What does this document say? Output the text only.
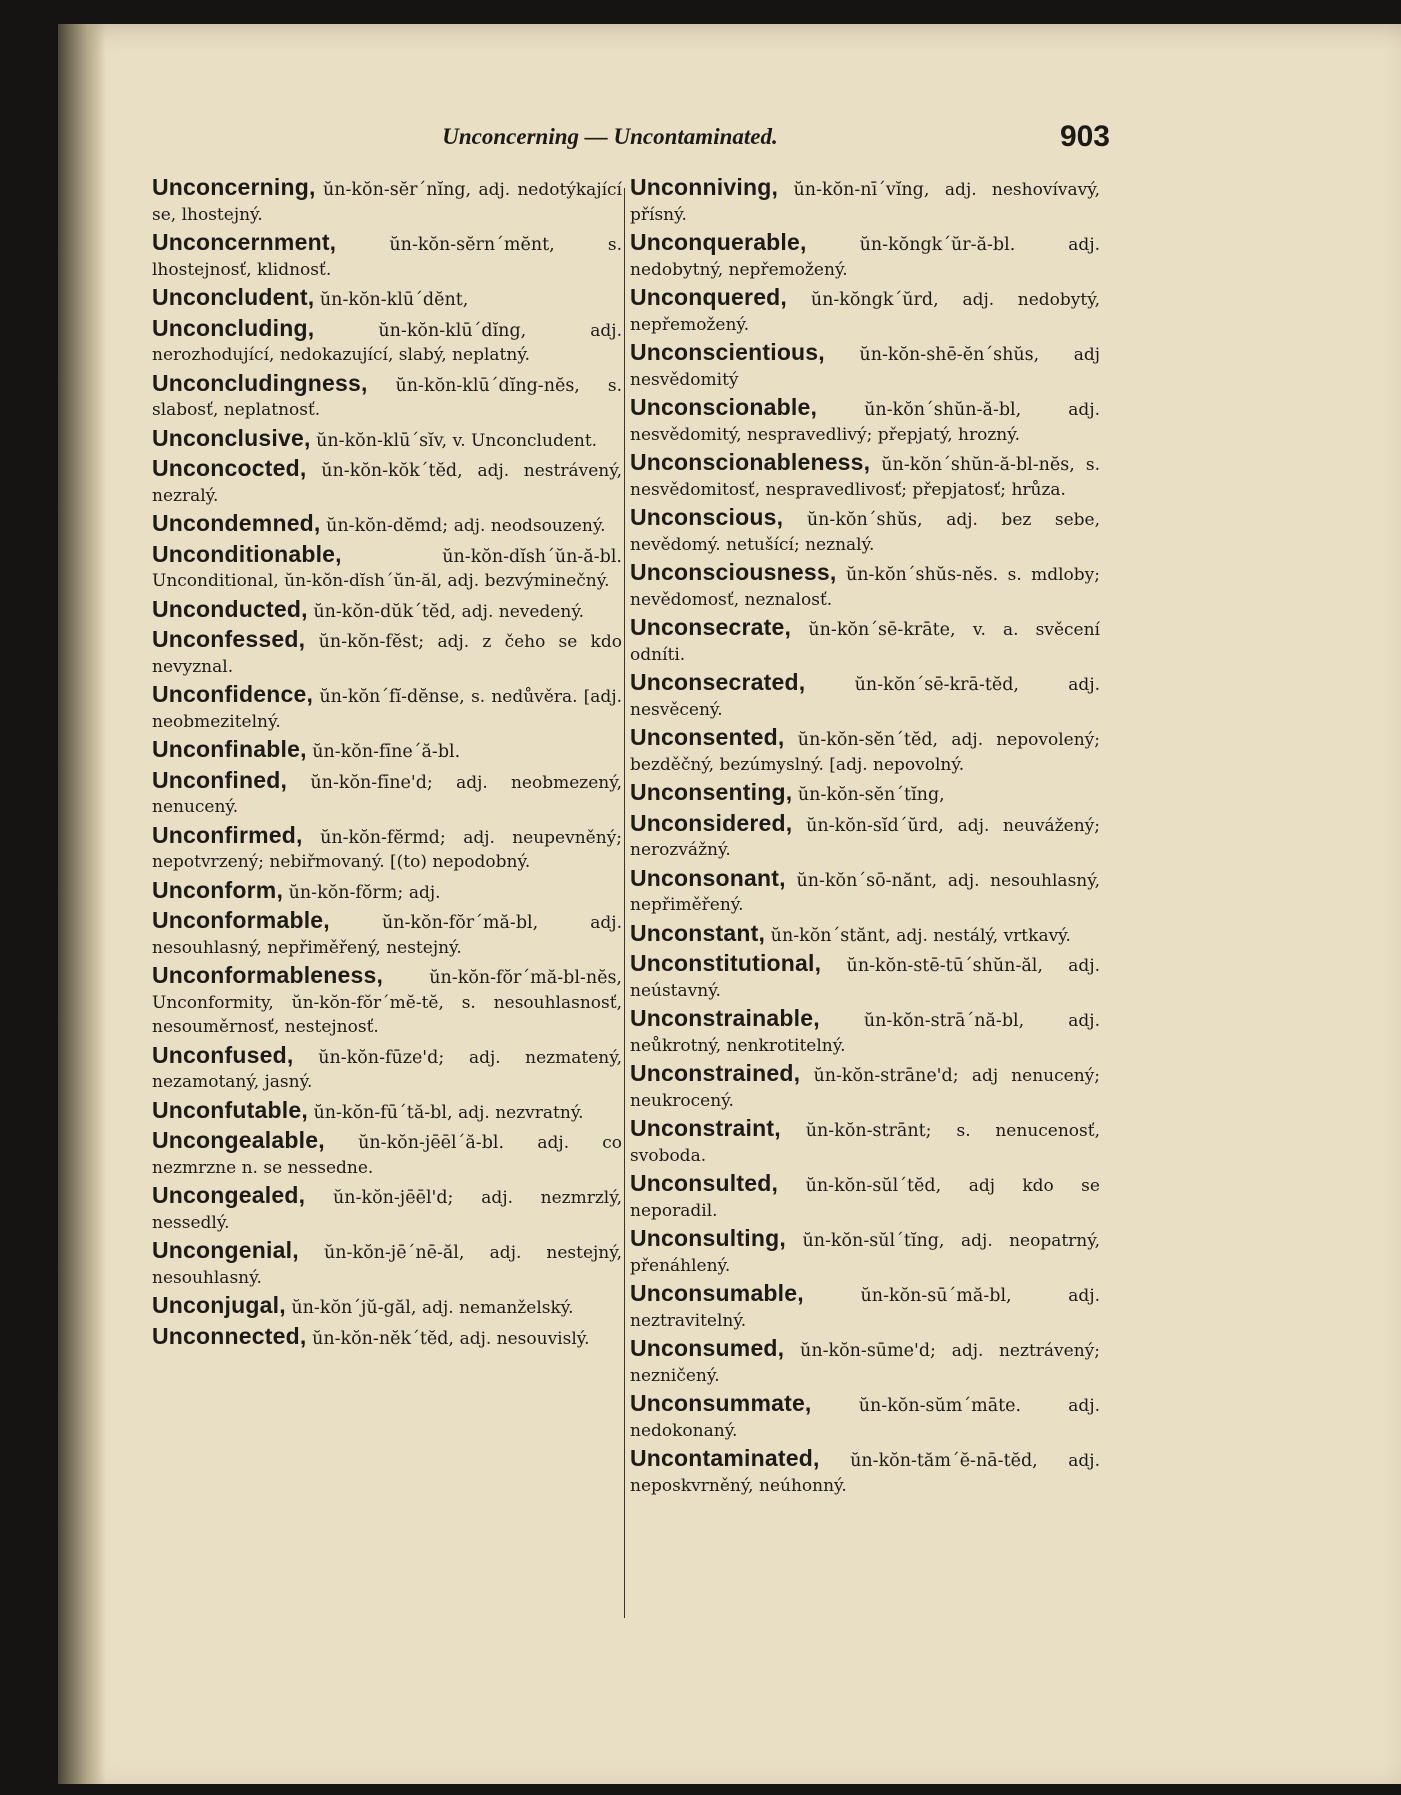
Unconcerning — Uncontaminated.	903

Unconcerning, ŭn-kŏn-sĕr´nĭng, adj. nedotýkající se, lhostejný.

Unconcernment,	ŭn-kŏn-sĕrn´mĕnt,	s. lhostejnosť, klidnosť.

Unconcludent, ŭn-kŏn-klū´dĕnt,

Unconcluding,	ŭn-kŏn-klū´dĭng,	adj. nerozhodující, nedokazující, slabý, neplatný.

Unconcludingness, ŭn-kŏn-klū´dĭng-nĕs, s. slabosť, neplatnosť.

Unconclusive, ŭn-kŏn-klū´sĭv, v. Unconcludent.

Unconcocted, ŭn-kŏn-kŏk´tĕd, adj. nestrávený, nezralý.

Uncondemned, ŭn-kŏn-dĕmd; adj. neodsouzený.

Unconditionable,	ŭn-kŏn-dĭsh´ŭn-ă-bl. Unconditional, ŭn-kŏn-dĭsh´ŭn-ăl, adj. bezvýminečný.

Unconducted, ŭn-kŏn-dŭk´tĕd, adj. nevedený.

Unconfessed, ŭn-kŏn-fĕst; adj. z čeho se kdo nevyznal.

Unconfidence, ŭn-kŏn´fĭ-dĕnse, s. nedůvěra. [adj. neobmezitelný.

Unconfinable, ŭn-kŏn-fīne´ă-bl.

Unconfined, ŭn-kŏn-fīne'd; adj. neobmezený, nenucený.

Unconfirmed, ŭn-kŏn-fĕrmd; adj. neupevněný; nepotvrzený; nebiřmovaný. [(to) nepodobný.

Unconform, ŭn-kŏn-fŏrm; adj.

Unconformable,	ŭn-kŏn-fŏr´mă-bl,	adj. nesouhlasný, nepřiměřený, nestejný.

Unconformableness,	ŭn-kŏn-fŏr´mă-bl-nĕs, Unconformity, ŭn-kŏn-fŏr´mĕ-tĕ, s. nesouhlasnosť, nesouměrnosť, nestejnosť.

Unconfused, ŭn-kŏn-fūze'd; adj. nezmatený, nezamotaný, jasný.

Unconfutable, ŭn-kŏn-fū´tă-bl, adj. nezvratný.

Uncongealable, ŭn-kŏn-jēēl´ă-bl. adj. co nezmrzne n. se nessedne.

Uncongealed, ŭn-kŏn-jēēl'd; adj. nezmrzlý, nessedlý.

Uncongenial, ŭn-kŏn-jē´nē-ăl, adj. nestejný, nesouhlasný.

Unconjugal, ŭn-kŏn´jŭ-găl, adj. nemanželský.

Unconnected, ŭn-kŏn-nĕk´tĕd, adj. nesouvislý.

Unconniving, ŭn-kŏn-nī´vĭng, adj. neshovívavý, přísný.

Unconquerable,	ŭn-kŏngk´ŭr-ă-bl.	adj. nedobytný, nepřemožený.

Unconquered, ŭn-kŏngk´ŭrd, adj. nedobytý, nepřemožený.

Unconscientious, ŭn-kŏn-shē-ĕn´shŭs, adj nesvědomitý

Unconscionable,	ŭn-kŏn´shŭn-ă-bl,	adj. nesvědomitý, nespravedlivý; přepjatý, hrozný.

Unconscionableness, ŭn-kŏn´shŭn-ă-bl-nĕs, s. nesvědomitosť, nespravedlivosť; přepjatosť; hrůza.

Unconscious, ŭn-kŏn´shŭs, adj. bez sebe, nevědomý. netušící; neznalý.

Unconsciousness, ŭn-kŏn´shŭs-nĕs. s. mdloby; nevědomosť, neznalosť.

Unconsecrate, ŭn-kŏn´sē-krāte, v. a. svěcení odníti.

Unconsecrated,	ŭn-kŏn´sē-krā-tĕd,	adj. nesvěcený.

Unconsented, ŭn-kŏn-sĕn´tĕd, adj. nepovolený; bezděčný, bezúmyslný. [adj. nepovolný.

Unconsenting, ŭn-kŏn-sĕn´tĭng,

Unconsidered, ŭn-kŏn-sĭd´ŭrd, adj. neuvážený; nerozvážný.

Unconsonant, ŭn-kŏn´sō-nănt, adj. nesouhlasný, nepřiměřený.

Unconstant, ŭn-kŏn´stănt, adj. nestálý, vrtkavý.

Unconstitutional, ŭn-kŏn-stē-tū´shŭn-ăl, adj. neústavný.

Unconstrainable,	ŭn-kŏn-strā´nă-bl,	adj. neůkrotný, nenkrotitelný.

Unconstrained, ŭn-kŏn-strāne'd; adj nenucený; neukrocený.

Unconstraint, ŭn-kŏn-strānt; s. nenucenosť, svoboda.

Unconsulted, ŭn-kŏn-sŭl´tĕd, adj kdo se neporadil.

Unconsulting, ŭn-kŏn-sŭl´tĭng, adj. neopatrný, přenáhlený.

Unconsumable,	ŭn-kŏn-sū´mă-bl,	adj. neztravitelný.

Unconsumed, ŭn-kŏn-sūme'd; adj. neztrávený; nezničený.

Unconsummate,	ŭn-kŏn-sŭm´māte.	adj. nedokonaný.

Uncontaminated, ŭn-kŏn-tăm´ĕ-nā-tĕd, adj. neposkvrněný, neúhonný.
